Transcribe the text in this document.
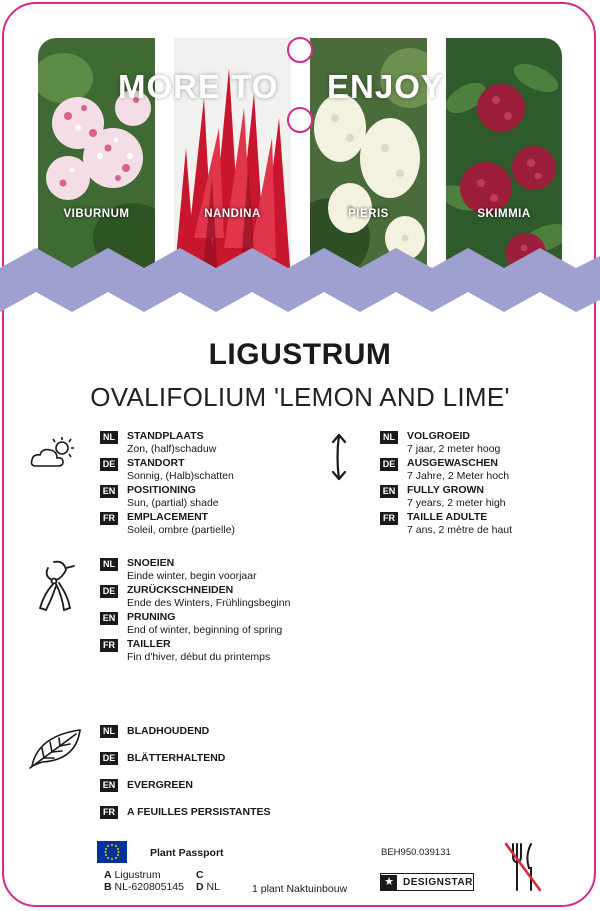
VIBURNUM	NANDINA	PIERIS	SKIMMIA
MORE TO ENJOY
LIGUSTRUM
OVALIFOLIUM 'LEMON AND LIME'
NL STANDPLAATS
Zon, (half)schaduw
DE STANDORT
Sonnig, (Halb)schatten
EN POSITIONING
Sun, (partial) shade
FR EMPLACEMENT
Soleil, ombre (partielle)
NL VOLGROEID
7 jaar, 2 meter hoog
DE AUSGEWASCHEN
7 Jahre, 2 Meter hoch
EN FULLY GROWN
7 years, 2 meter high
FR TAILLE ADULTE
7 ans, 2 mètre de haut
NL SNOEIEN
Einde winter, begin voorjaar
DE ZURÜCKSCHNEIDEN
Ende des Winters, Frühlingsbeginn
EN PRUNING
End of winter, beginning of spring
FR TAILLER
Fin d'hiver, début du printemps
NL BLADHOUDEND
DE BLÄTTERHALTEND
EN EVERGREEN
FR A FEUILLES PERSISTANTES
Plant Passport
A Ligustrum
B NL-620805145
C
D NL	1 plant Naktuinbouw
BEH950.039131
★ DESIGNSTAR
